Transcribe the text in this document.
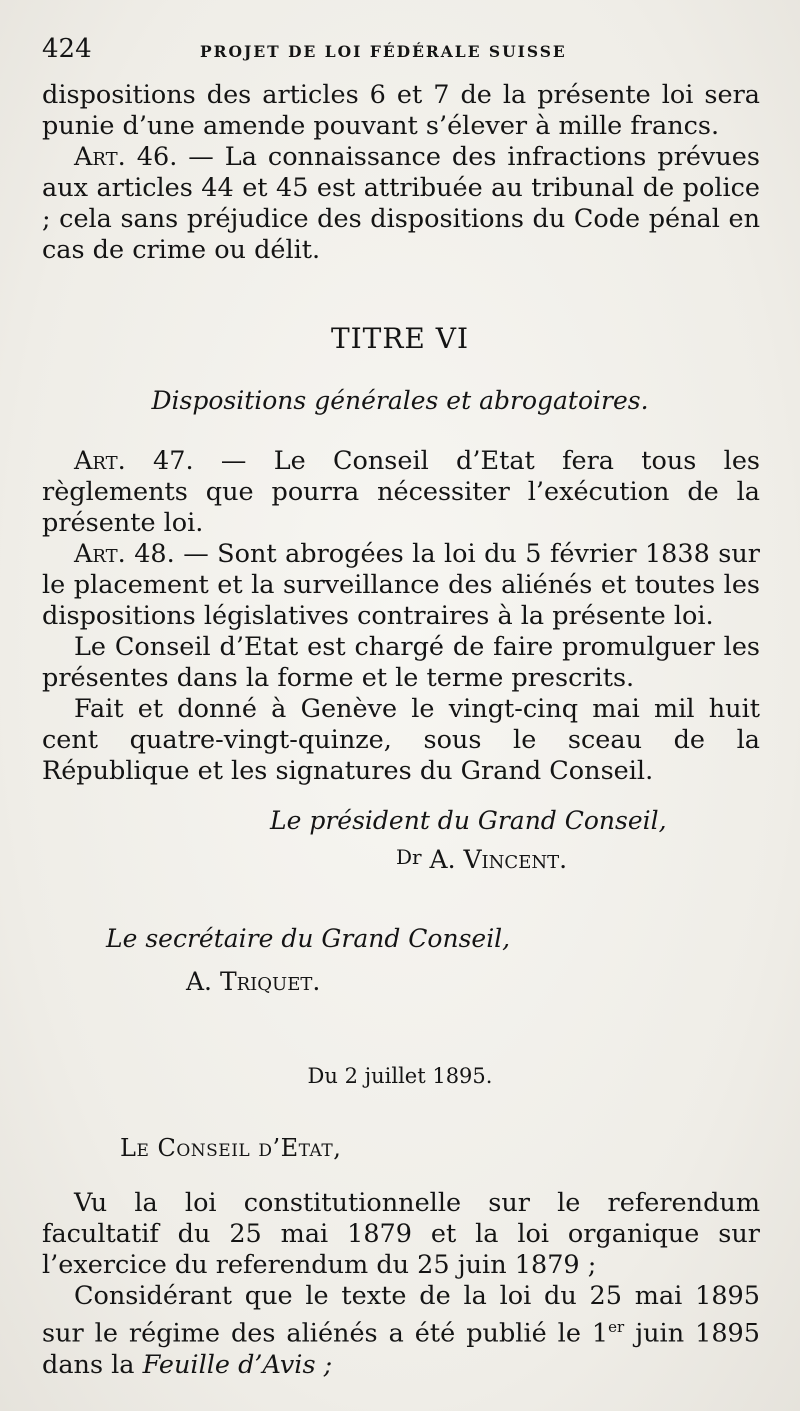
424	PROJET DE LOI FÉDÉRALE SUISSE

dispositions des articles 6 et 7 de la présente loi sera punie d’une amende pouvant s’élever à mille francs.

Art. 46. — La connaissance des infractions prévues aux articles 44 et 45 est attribuée au tribunal de police ; cela sans préjudice des dispositions du Code pénal en cas de crime ou délit.

TITRE VI
Dispositions générales et abrogatoires.

Art. 47. — Le Conseil d’Etat fera tous les règlements que pourra nécessiter l’exécution de la présente loi.

Art. 48. — Sont abrogées la loi du 5 février 1838 sur le placement et la surveillance des aliénés et toutes les dispositions législatives contraires à la présente loi.

Le Conseil d’Etat est chargé de faire promulguer les présentes dans la forme et le terme prescrits.

Fait et donné à Genève le vingt-cinq mai mil huit cent quatre-vingt-quinze, sous le sceau de la République et les signatures du Grand Conseil.

Le président du Grand Conseil,
Dr A. Vincent.
Le secrétaire du Grand Conseil,
A. Triquet.
Du 2 juillet 1895.
Le Conseil d’Etat,

Vu la loi constitutionnelle sur le referendum facultatif du 25 mai 1879 et la loi organique sur l’exercice du referendum du 25 juin 1879 ;

Considérant que le texte de la loi du 25 mai 1895 sur le régime des aliénés a été publié le 1er juin 1895 dans la Feuille d’Avis ;
